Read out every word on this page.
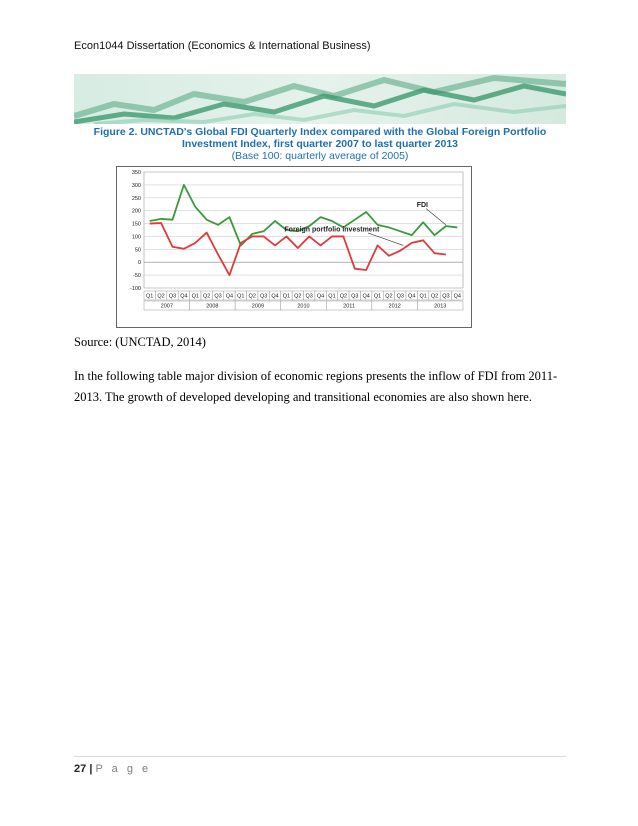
Econ1044 Dissertation (Economics & International Business)
Figure 2. UNCTAD's Global FDI Quarterly Index compared with the Global Foreign Portfolio
Investment Index, first quarter 2007 to last quarter 2013
(Base 100: quarterly average of 2005)
350
300
250
200
150
100
50
0
-50
-100
Q1 Q2 Q3 Q4 Q1 Q2 Q3 Q4 Q1 Q2 Q3 Q4 Q1 Q2 Q3 Q4 Q1 Q2 Q3 Q4 Q1 Q2 Q3 Q4 Q1 Q2 Q3 Q4
2007	2008	2009	2010	2011	2012	2013
FDI
Foreign portfolio investment
Source: (UNCTAD, 2014)
In the following table major division of economic regions presents the inflow of FDI from 2011-2013. The growth of developed developing and transitional economies are also shown here.
27 | P a g e
